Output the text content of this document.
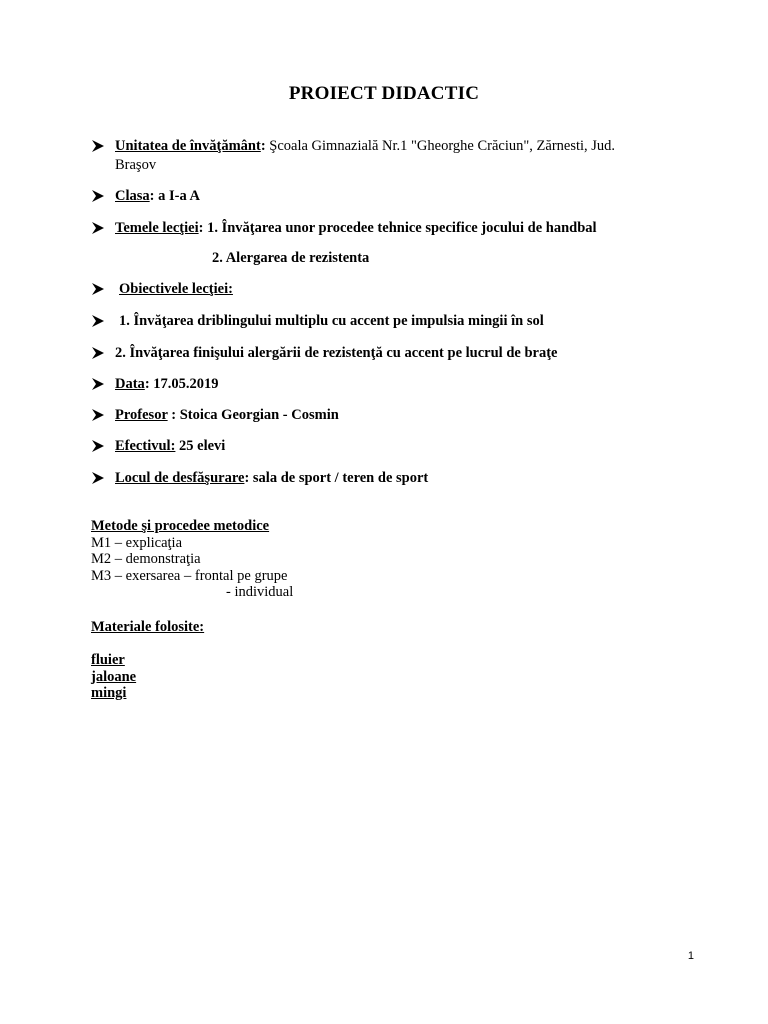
PROIECT DIDACTIC
Unitatea de învăţământ: Şcoala Gimnazială Nr.1 "Gheorghe Crăciun", Zărnesti, Jud.
Braşov
Clasa: a I-a A
Temele lecţiei: 1. Învăţarea unor procedee tehnice specifice jocului de handbal
2. Alergarea de rezistenta
Obiectivele lecţiei:
1. Învăţarea driblingului multiplu cu accent pe impulsia mingii în sol
2. Învăţarea finişului alergării de rezistenţă cu accent pe lucrul de braţe
Data: 17.05.2019
Profesor : Stoica Georgian - Cosmin
Efectivul: 25 elevi
Locul de desfăşurare: sala de sport / teren de sport
Metode şi procedee metodice
M1 – explicaţia
M2 – demonstraţia
M3 – exersarea – frontal pe grupe
- individual
Materiale folosite:
fluier
jaloane
mingi
1
